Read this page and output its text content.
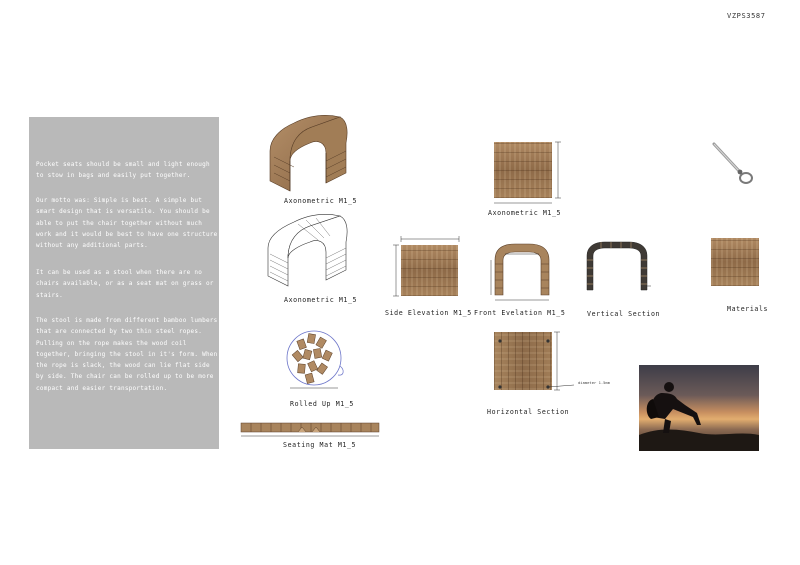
VZPS3587
Pocket seats should be small and light enough to stow in bags and easily put together.
Our motto was: Simple is best. A simple but smart design that is versatile. You should be able to put the chair together without much work and it would be best to have one structure without any additional parts.
It can be used as a stool when there are no chairs available, or as a seat mat on grass or stairs.
The stool is made from different bamboo lumbers that are connected by two thin steel ropes. Pulling on the rope makes the wood coil together, bringing the stool in it's form. When the rope is slack, the wood can lie flat side by side. The chair can be rolled up to be more compact and easier transportation.
Axonometric M1_5
Axonometric M1_5
Rolled Up M1_5
Seating Mat M1_5
Axonometric M1_5
Side Elevation M1_5 Front Evelation M1_5	Vertical Section
diameter 1.5mm
Horizontal Section
Materials
